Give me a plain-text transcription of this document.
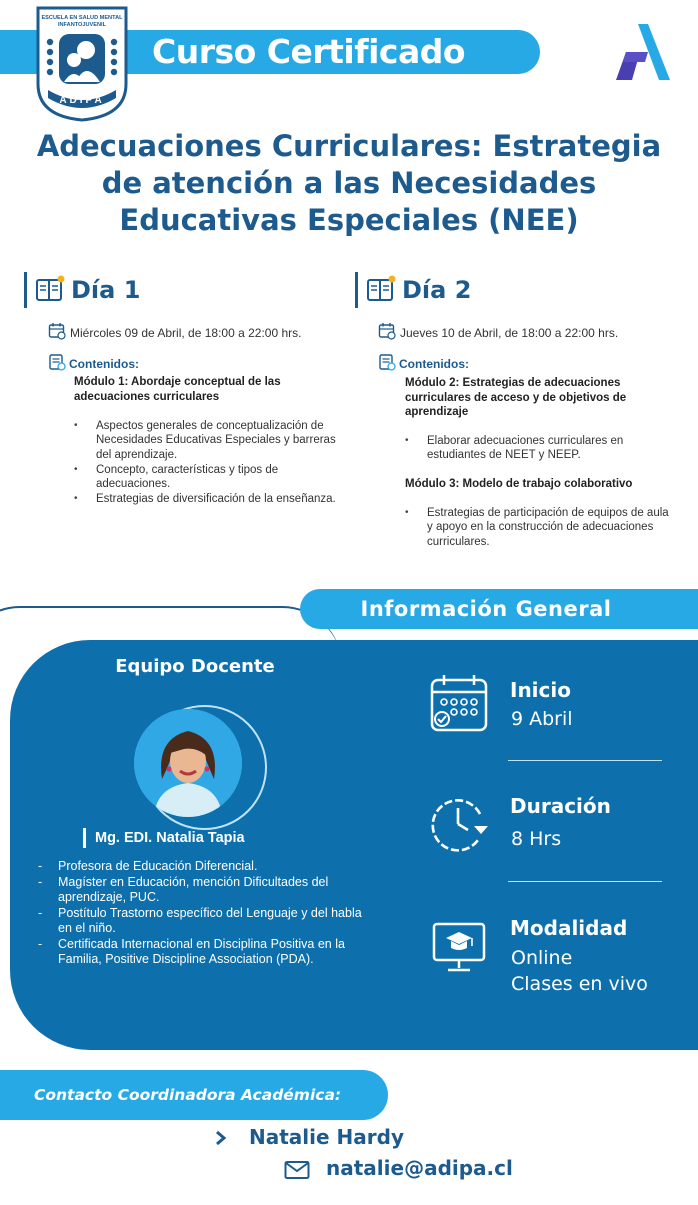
Curso Certificado
ESCUELA EN SALUD MENTAL
INFANTOJUVENIL
ADIPA
Adecuaciones Curriculares: Estrategia
de atención a las Necesidades
Educativas Especiales (NEE)
Día 1
Miércoles 09 de Abril, de 18:00 a 22:00 hrs.
Contenidos:
Módulo 1: Abordaje conceptual de las adecuaciones curriculares
• Aspectos generales de conceptualización de Necesidades Educativas Especiales y barreras del aprendizaje.
• Concepto, características y tipos de adecuaciones.
• Estrategias de diversificación de la enseñanza.
Día 2
Jueves 10 de Abril, de 18:00 a 22:00 hrs.
Contenidos:
Módulo 2: Estrategias de adecuaciones curriculares de acceso y de objetivos de aprendizaje
• Elaborar adecuaciones curriculares en estudiantes de NEET y NEEP.
Módulo 3: Modelo de trabajo colaborativo
• Estrategias de participación de equipos de aula y apoyo en la construcción de adecuaciones curriculares.
Información General
Equipo Docente
Mg. EDI. Natalia Tapia
- Profesora de Educación Diferencial.
- Magíster en Educación, mención Dificultades del aprendizaje, PUC.
- Postítulo Trastorno específico del Lenguaje y del habla en el niño.
- Certificada Internacional en Disciplina Positiva en la Familia, Positive Discipline Association (PDA).
Inicio
9 Abril
Duración
8 Hrs
Modalidad
Online
Clases en vivo
Contacto Coordinadora Académica:
Natalie Hardy
natalie@adipa.cl
